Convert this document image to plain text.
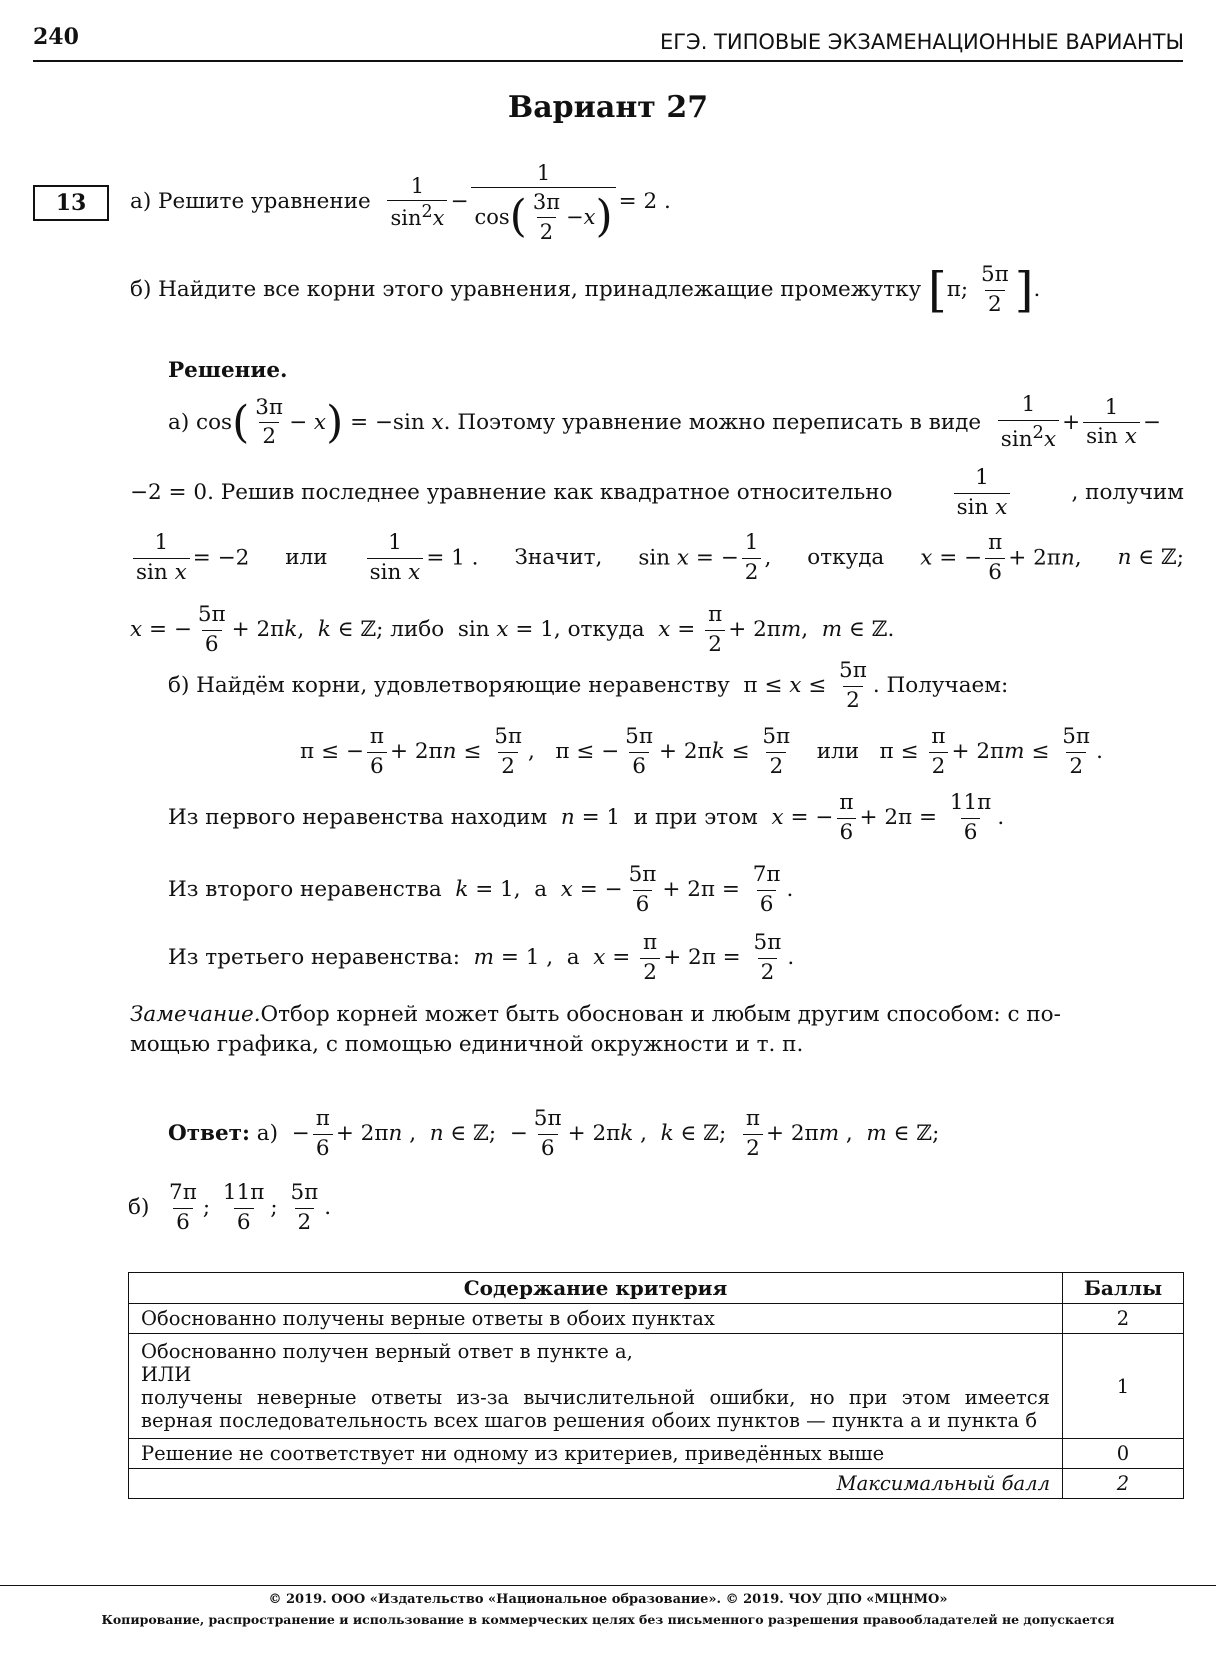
240	ЕГЭ. ТИПОВЫЕ ЭКЗАМЕНАЦИОННЫЕ ВАРИАНТЫ
Вариант 27
13	а) Решите уравнение
$\frac{1}{\sin^2x} - \frac{1}{\cos ( \frac{3\pi}{2} - x )} = 2$ .
б) Найдите все корни этого уравнения, принадлежащие промежутку
[ π; $\frac{5\pi}{2}$ ] .
Решение.
а) cos ( $\frac{3\pi}{2} - x$ ) = −sin x . Поэтому уравнение можно переписать в виде
$\frac{1}{\sin^2x} + \frac{1}{\text{sin x}}$ −
−2 = 0. Решив последнее уравнение как квадратное относительно	$\frac{1}{\text{sin x}}$	, получим
$\frac{1}{\text{sin x}} = -2$ или $\frac{1}{\text{sin x}} = 1$ . Значит, sin x = − $\frac{1}{2}$ , откуда x = − $\frac{\pi}{6} + 2\pi n$, n ∈ ℤ;
x = − $\frac{5\pi}{6} + 2\pi$ k , k ∈ ℤ; либо sin x = 1, откуда
$x = \frac{\pi}{2} + 2\pi$ m , m ∈ ℤ.
б) Найдём корни, удовлетворяющие неравенству $\pi \le x \le \frac{5\pi}{2}$ . Получаем:
π ≤ − $\frac{\pi}{6} + 2\pi$ $n \le \frac{5\pi}{2}$ ,   π ≤ − $\frac{5\pi}{6} + 2\pi$ $k \le \frac{5\pi}{2}$
или $\pi \le \frac{\pi}{2} + 2\pi$ $m \le \frac{5\pi}{2}$ .
Из первого неравенства находим
n = 1 и при этом
x = − $\frac{\pi}{6} + 2\pi = \frac{11\pi}{6}$ .
Из второго неравенства
k = 1, а
x = − $\frac{5\pi}{6} + 2\pi = \frac{7\pi}{6}$ .
Из третьего неравенства:
m = 1 , а
$x = \frac{\pi}{2} + 2\pi = \frac{5\pi}{2}$ .
Замечание. Отбор корней может быть обоснован и любым другим способом: с по-
мощью графика, с помощью единичной окружности и т. п.
Ответ:
$а) - \frac{\pi}{6} + 2\pi$ n , n ∈ ℤ;  − $\frac{5\pi}{6} + 2\pi$ k , k ∈ ℤ; $\frac{\pi}{2} + 2\pi$ m , m ∈ ℤ;
б)
$\frac{7\pi}{6}$ ; $\frac{11\pi}{6}$ ; $\frac{5\pi}{2}$ .
Содержание критерия	Баллы
Обоснованно получены верные ответы в обоих пунктах	2

Обоснованно получен верный ответ в пункте а,
ИЛИ
получены неверные ответы из-за вычислительной ошибки, но при этом имеется верная последовательность всех шагов решения обоих пунктов — пункта а и пункта б	1
Решение не соответствует ни одному из критериев, приведённых выше	0
Максимальный балл	2
© 2019. ООО «Издательство «Национальное образование». © 2019. ЧОУ ДПО «МЦНМО»
Копирование, распространение и использование в коммерческих целях без письменного разрешения правообладателей не допускается
